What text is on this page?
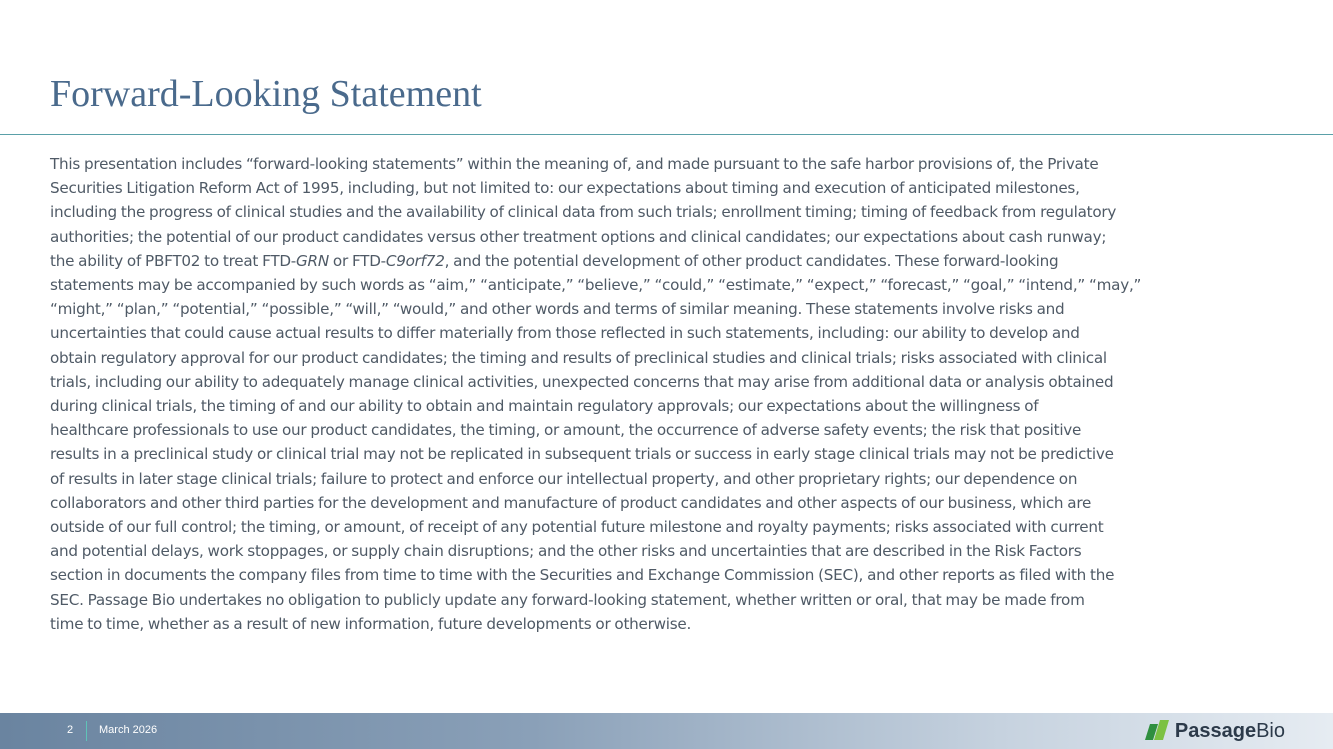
Forward-Looking Statement

This presentation includes “forward-looking statements” within the meaning of, and made pursuant to the safe harbor provisions of, the Private
Securities Litigation Reform Act of 1995, including, but not limited to: our expectations about timing and execution of anticipated milestones,
including the progress of clinical studies and the availability of clinical data from such trials; enrollment timing; timing of feedback from regulatory
authorities; the potential of our product candidates versus other treatment options and clinical candidates; our expectations about cash runway;
the ability of PBFT02 to treat FTD-GRN or FTD-C9orf72, and the potential development of other product candidates. These forward-looking
statements may be accompanied by such words as “aim,” “anticipate,” “believe,” “could,” “estimate,” “expect,” “forecast,” “goal,” “intend,” “may,”
“might,” “plan,” “potential,” “possible,” “will,” “would,” and other words and terms of similar meaning. These statements involve risks and
uncertainties that could cause actual results to differ materially from those reflected in such statements, including: our ability to develop and
obtain regulatory approval for our product candidates; the timing and results of preclinical studies and clinical trials; risks associated with clinical
trials, including our ability to adequately manage clinical activities, unexpected concerns that may arise from additional data or analysis obtained
during clinical trials, the timing of and our ability to obtain and maintain regulatory approvals; our expectations about the willingness of
healthcare professionals to use our product candidates, the timing, or amount, the occurrence of adverse safety events; the risk that positive
results in a preclinical study or clinical trial may not be replicated in subsequent trials or success in early stage clinical trials may not be predictive
of results in later stage clinical trials; failure to protect and enforce our intellectual property, and other proprietary rights; our dependence on
collaborators and other third parties for the development and manufacture of product candidates and other aspects of our business, which are
outside of our full control; the timing, or amount, of receipt of any potential future milestone and royalty payments; risks associated with current
and potential delays, work stoppages, or supply chain disruptions; and the other risks and uncertainties that are described in the Risk Factors
section in documents the company files from time to time with the Securities and Exchange Commission (SEC), and other reports as filed with the
SEC. Passage Bio undertakes no obligation to publicly update any forward-looking statement, whether written or oral, that may be made from
time to time, whether as a result of new information, future developments or otherwise.

2 March 2026	Passage Bio
